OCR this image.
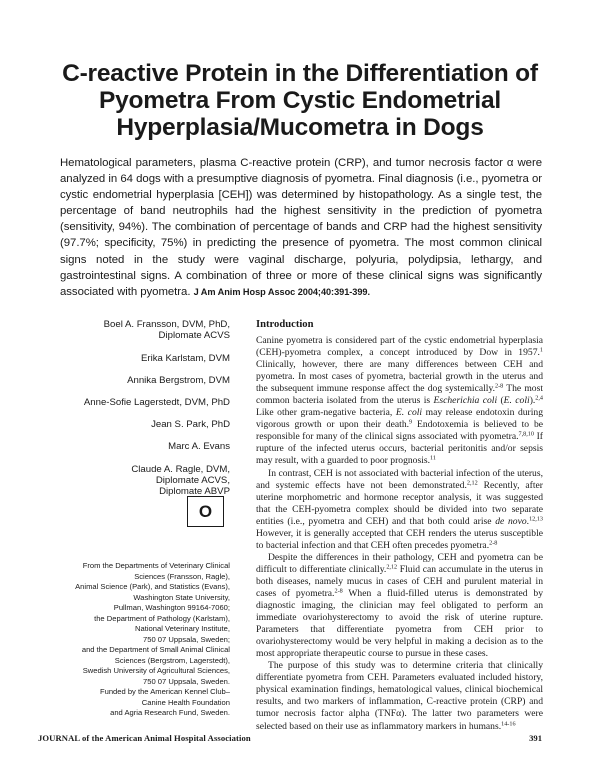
C-reactive Protein in the Differentiation of
Pyometra From Cystic Endometrial
Hyperplasia/Mucometra in Dogs
Hematological parameters, plasma C-reactive protein (CRP), and tumor necrosis factor α were analyzed in 64 dogs with a presumptive diagnosis of pyometra. Final diagnosis (i.e., pyometra or cystic endometrial hyperplasia [CEH]) was determined by histopathology. As a single test, the percentage of band neutrophils had the highest sensitivity in the prediction of pyometra (sensitivity, 94%). The combination of percentage of bands and CRP had the highest sensitivity (97.7%; specificity, 75%) in predicting the presence of pyometra. The most common clinical signs noted in the study were vaginal discharge, polyuria, polydipsia, lethargy, and gastrointestinal signs. A combination of three or more of these clinical signs was significantly associated with pyometra. J Am Anim Hosp Assoc 2004;40:391-399.
Boel A. Fransson, DVM, PhD,
Diplomate ACVS
Erika Karlstam, DVM
Annika Bergstrom, DVM
Anne-Sofie Lagerstedt, DVM, PhD
Jean S. Park, PhD
Marc A. Evans
Claude A. Ragle, DVM,
Diplomate ACVS,
Diplomate ABVP
O
From the Departments of Veterinary Clinical
Sciences (Fransson, Ragle),
Animal Science (Park), and Statistics (Evans),
Washington State University,
Pullman, Washington 99164-7060;
the Department of Pathology (Karlstam),
National Veterinary Institute,
750 07 Uppsala, Sweden;
and the Department of Small Animal Clinical
Sciences (Bergstrom, Lagerstedt),
Swedish University of Agricultural Sciences,
750 07 Uppsala, Sweden.
Funded by the American Kennel Club–
Canine Health Foundation
and Agria Research Fund, Sweden.
Introduction

Canine pyometra is considered part of the cystic endometrial hyperplasia (CEH)-pyometra complex, a concept introduced by Dow in 1957.$^1$ Clinically, however, there are many differences between CEH and pyometra. In most cases of pyometra, bacterial growth in the uterus and the subsequent immune response affect the dog systemically.$^{2-8}$ The most common bacteria isolated from the uterus is Escherichia coli (E. coli).$^{2,4}$ Like other gram-negative bacteria, E. coli may release endotoxin during vigorous growth or upon their death.$^9$ Endotoxemia is believed to be responsible for many of the clinical signs associated with pyometra.$^{7,8,10}$ If rupture of the infected uterus occurs, bacterial peritonitis and/or sepsis may result, with a guarded to poor prognosis.$^{11}$

In contrast, CEH is not associated with bacterial infection of the uterus, and systemic effects have not been demonstrated.$^{2,12}$ Recently, after uterine morphometric and hormone receptor analysis, it was suggested that the CEH-pyometra complex should be divided into two separate entities (i.e., pyometra and CEH) and that both could arise de novo.$^{12,13}$ However, it is generally accepted that CEH renders the uterus susceptible to bacterial infection and that CEH often precedes pyometra.$^{2-8}$

Despite the differences in their pathology, CEH and pyometra can be difficult to differentiate clinically.$^{2,12}$ Fluid can accumulate in the uterus in both diseases, namely mucus in cases of CEH and purulent material in cases of pyometra.$^{2-8}$ When a fluid-filled uterus is demonstrated by diagnostic imaging, the clinician may feel obligated to perform an immediate ovariohysterectomy to avoid the risk of uterine rupture. Parameters that differentiate pyometra from CEH prior to ovariohysterectomy would be very helpful in making a decision as to the most appropriate therapeutic course to pursue in these cases.

The purpose of this study was to determine criteria that clinically differentiate pyometra from CEH. Parameters evaluated included history, physical examination findings, hematological values, clinical biochemical results, and two markers of inflammation, C-reactive protein (CRP) and tumor necrosis factor alpha (TNFα). The latter two parameters were selected based on their use as inflammatory markers in humans.$^{14-16}$

JOURNAL of the American Animal Hospital Association	391
